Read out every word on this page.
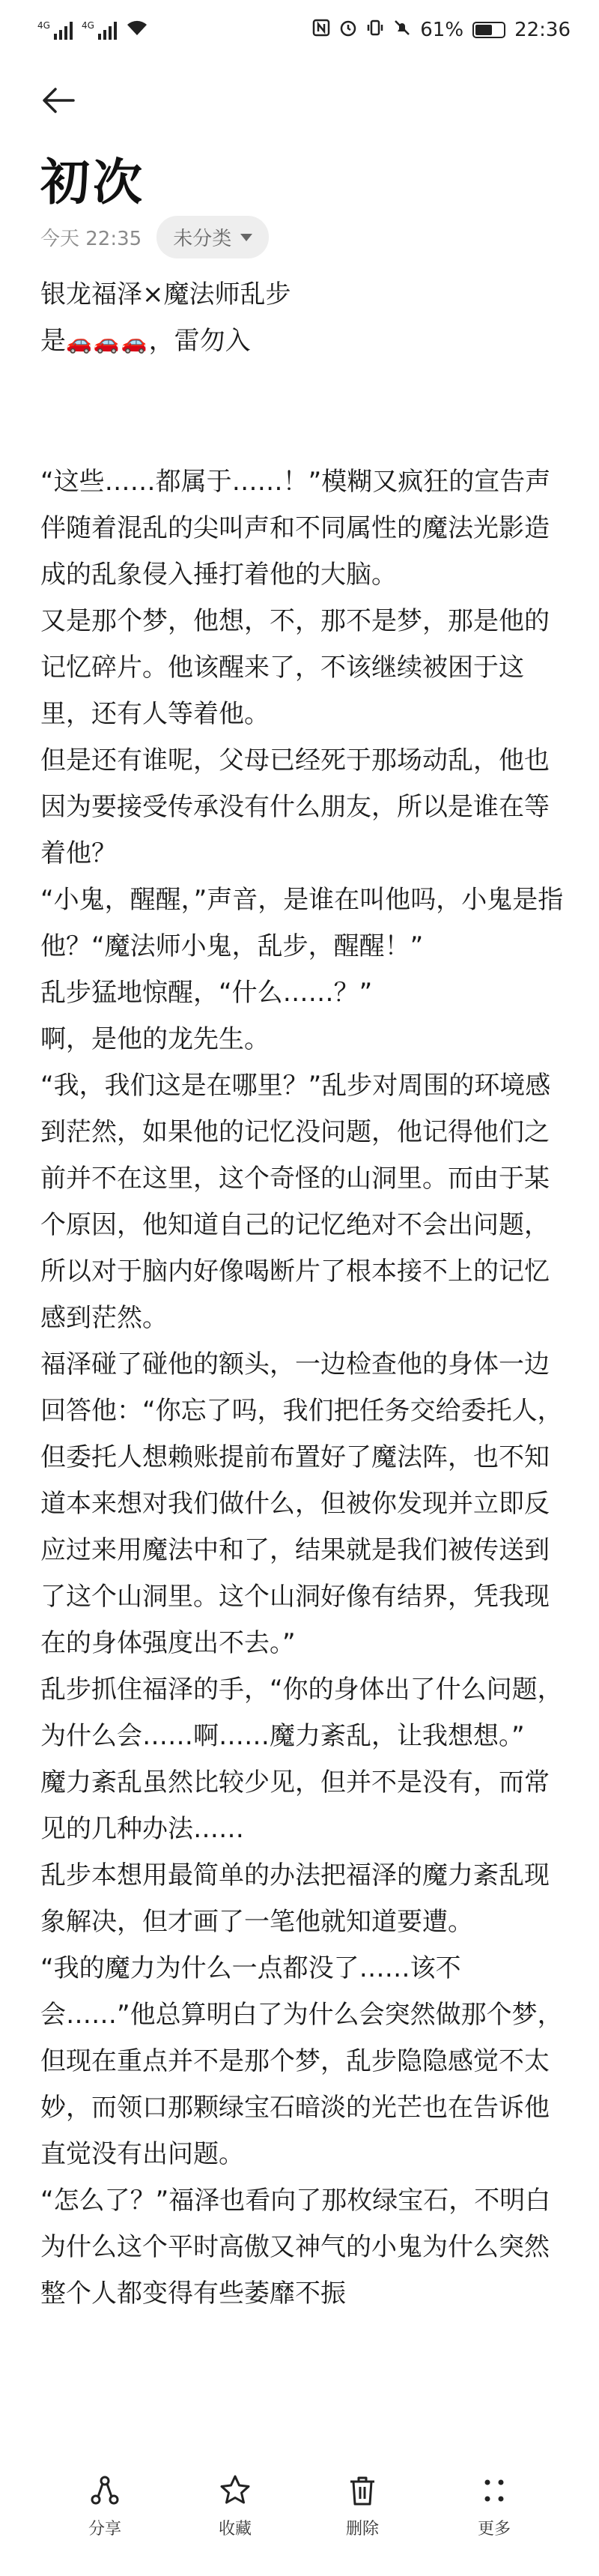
4G	4G	61%	22:36
初次
今天 22:35 未分类

银龙福泽×魔法师乱步

是🚗🚗🚗，雷勿入

“这些……都属于……！”模糊又疯狂的宣告声伴随着混乱的尖叫声和不同属性的魔法光影造成的乱象侵入捶打着他的大脑。

又是那个梦，他想，不，那不是梦，那是他的记忆碎片。他该醒来了，不该继续被困于这里，还有人等着他。

但是还有谁呢，父母已经死于那场动乱，他也因为要接受传承没有什么朋友，所以是谁在等着他？

“小鬼，醒醒，”声音，是谁在叫他吗，小鬼是指他？“魔法师小鬼，乱步，醒醒！”

乱步猛地惊醒，“什么……？”

啊，是他的龙先生。

“我，我们这是在哪里？”乱步对周围的环境感到茫然，如果他的记忆没问题，他记得他们之前并不在这里，这个奇怪的山洞里。而由于某个原因，他知道自己的记忆绝对不会出问题，所以对于脑内好像喝断片了根本接不上的记忆感到茫然。

福泽碰了碰他的额头，一边检查他的身体一边回答他：“你忘了吗，我们把任务交给委托人，但委托人想赖账提前布置好了魔法阵，也不知道本来想对我们做什么，但被你发现并立即反应过来用魔法中和了，结果就是我们被传送到了这个山洞里。这个山洞好像有结界，凭我现在的身体强度出不去。”

乱步抓住福泽的手，“你的身体出了什么问题，为什么会……啊……魔力紊乱，让我想想。”

魔力紊乱虽然比较少见，但并不是没有，而常见的几种办法……

乱步本想用最简单的办法把福泽的魔力紊乱现象解决，但才画了一笔他就知道要遭。

“我的魔力为什么一点都没了……该不会……”他总算明白了为什么会突然做那个梦，但现在重点并不是那个梦，乱步隐隐感觉不太妙，而领口那颗绿宝石暗淡的光芒也在告诉他直觉没有出问题。

“怎么了？”福泽也看向了那枚绿宝石，不明白为什么这个平时高傲又神气的小鬼为什么突然整个人都变得有些萎靡不振

分享	收藏	删除	更多
